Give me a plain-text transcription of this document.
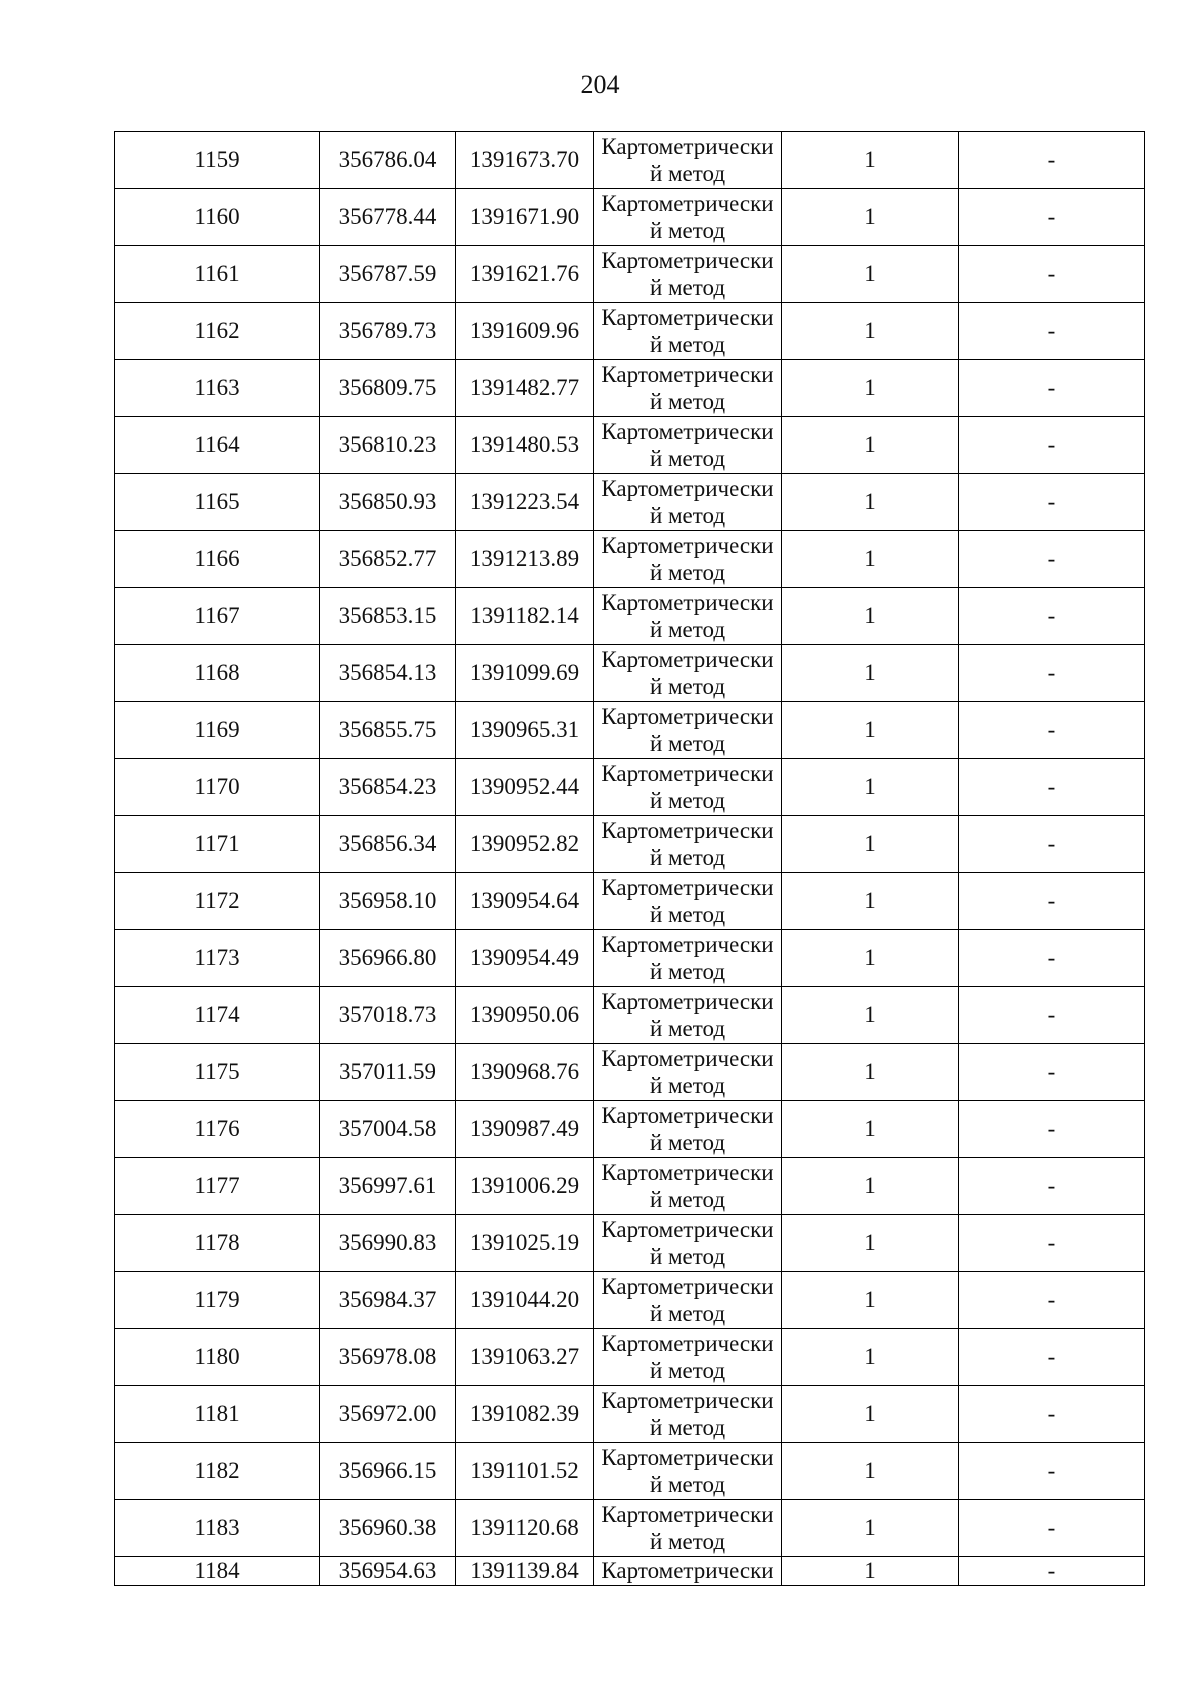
204
1159	356786.04	1391673.70	Картометрический метод	1	-
1160	356778.44	1391671.90	Картометрический метод	1	-
1161	356787.59	1391621.76	Картометрический метод	1	-
1162	356789.73	1391609.96	Картометрический метод	1	-
1163	356809.75	1391482.77	Картометрический метод	1	-
1164	356810.23	1391480.53	Картометрический метод	1	-
1165	356850.93	1391223.54	Картометрический метод	1	-
1166	356852.77	1391213.89	Картометрический метод	1	-
1167	356853.15	1391182.14	Картометрический метод	1	-
1168	356854.13	1391099.69	Картометрический метод	1	-
1169	356855.75	1390965.31	Картометрический метод	1	-
1170	356854.23	1390952.44	Картометрический метод	1	-
1171	356856.34	1390952.82	Картометрический метод	1	-
1172	356958.10	1390954.64	Картометрический метод	1	-
1173	356966.80	1390954.49	Картометрический метод	1	-
1174	357018.73	1390950.06	Картометрический метод	1	-
1175	357011.59	1390968.76	Картометрический метод	1	-
1176	357004.58	1390987.49	Картометрический метод	1	-
1177	356997.61	1391006.29	Картометрический метод	1	-
1178	356990.83	1391025.19	Картометрический метод	1	-
1179	356984.37	1391044.20	Картометрический метод	1	-
1180	356978.08	1391063.27	Картометрический метод	1	-
1181	356972.00	1391082.39	Картометрический метод	1	-
1182	356966.15	1391101.52	Картометрический метод	1	-
1183	356960.38	1391120.68	Картометрический метод	1	-
1184	356954.63	1391139.84	Картометрически	1	-
